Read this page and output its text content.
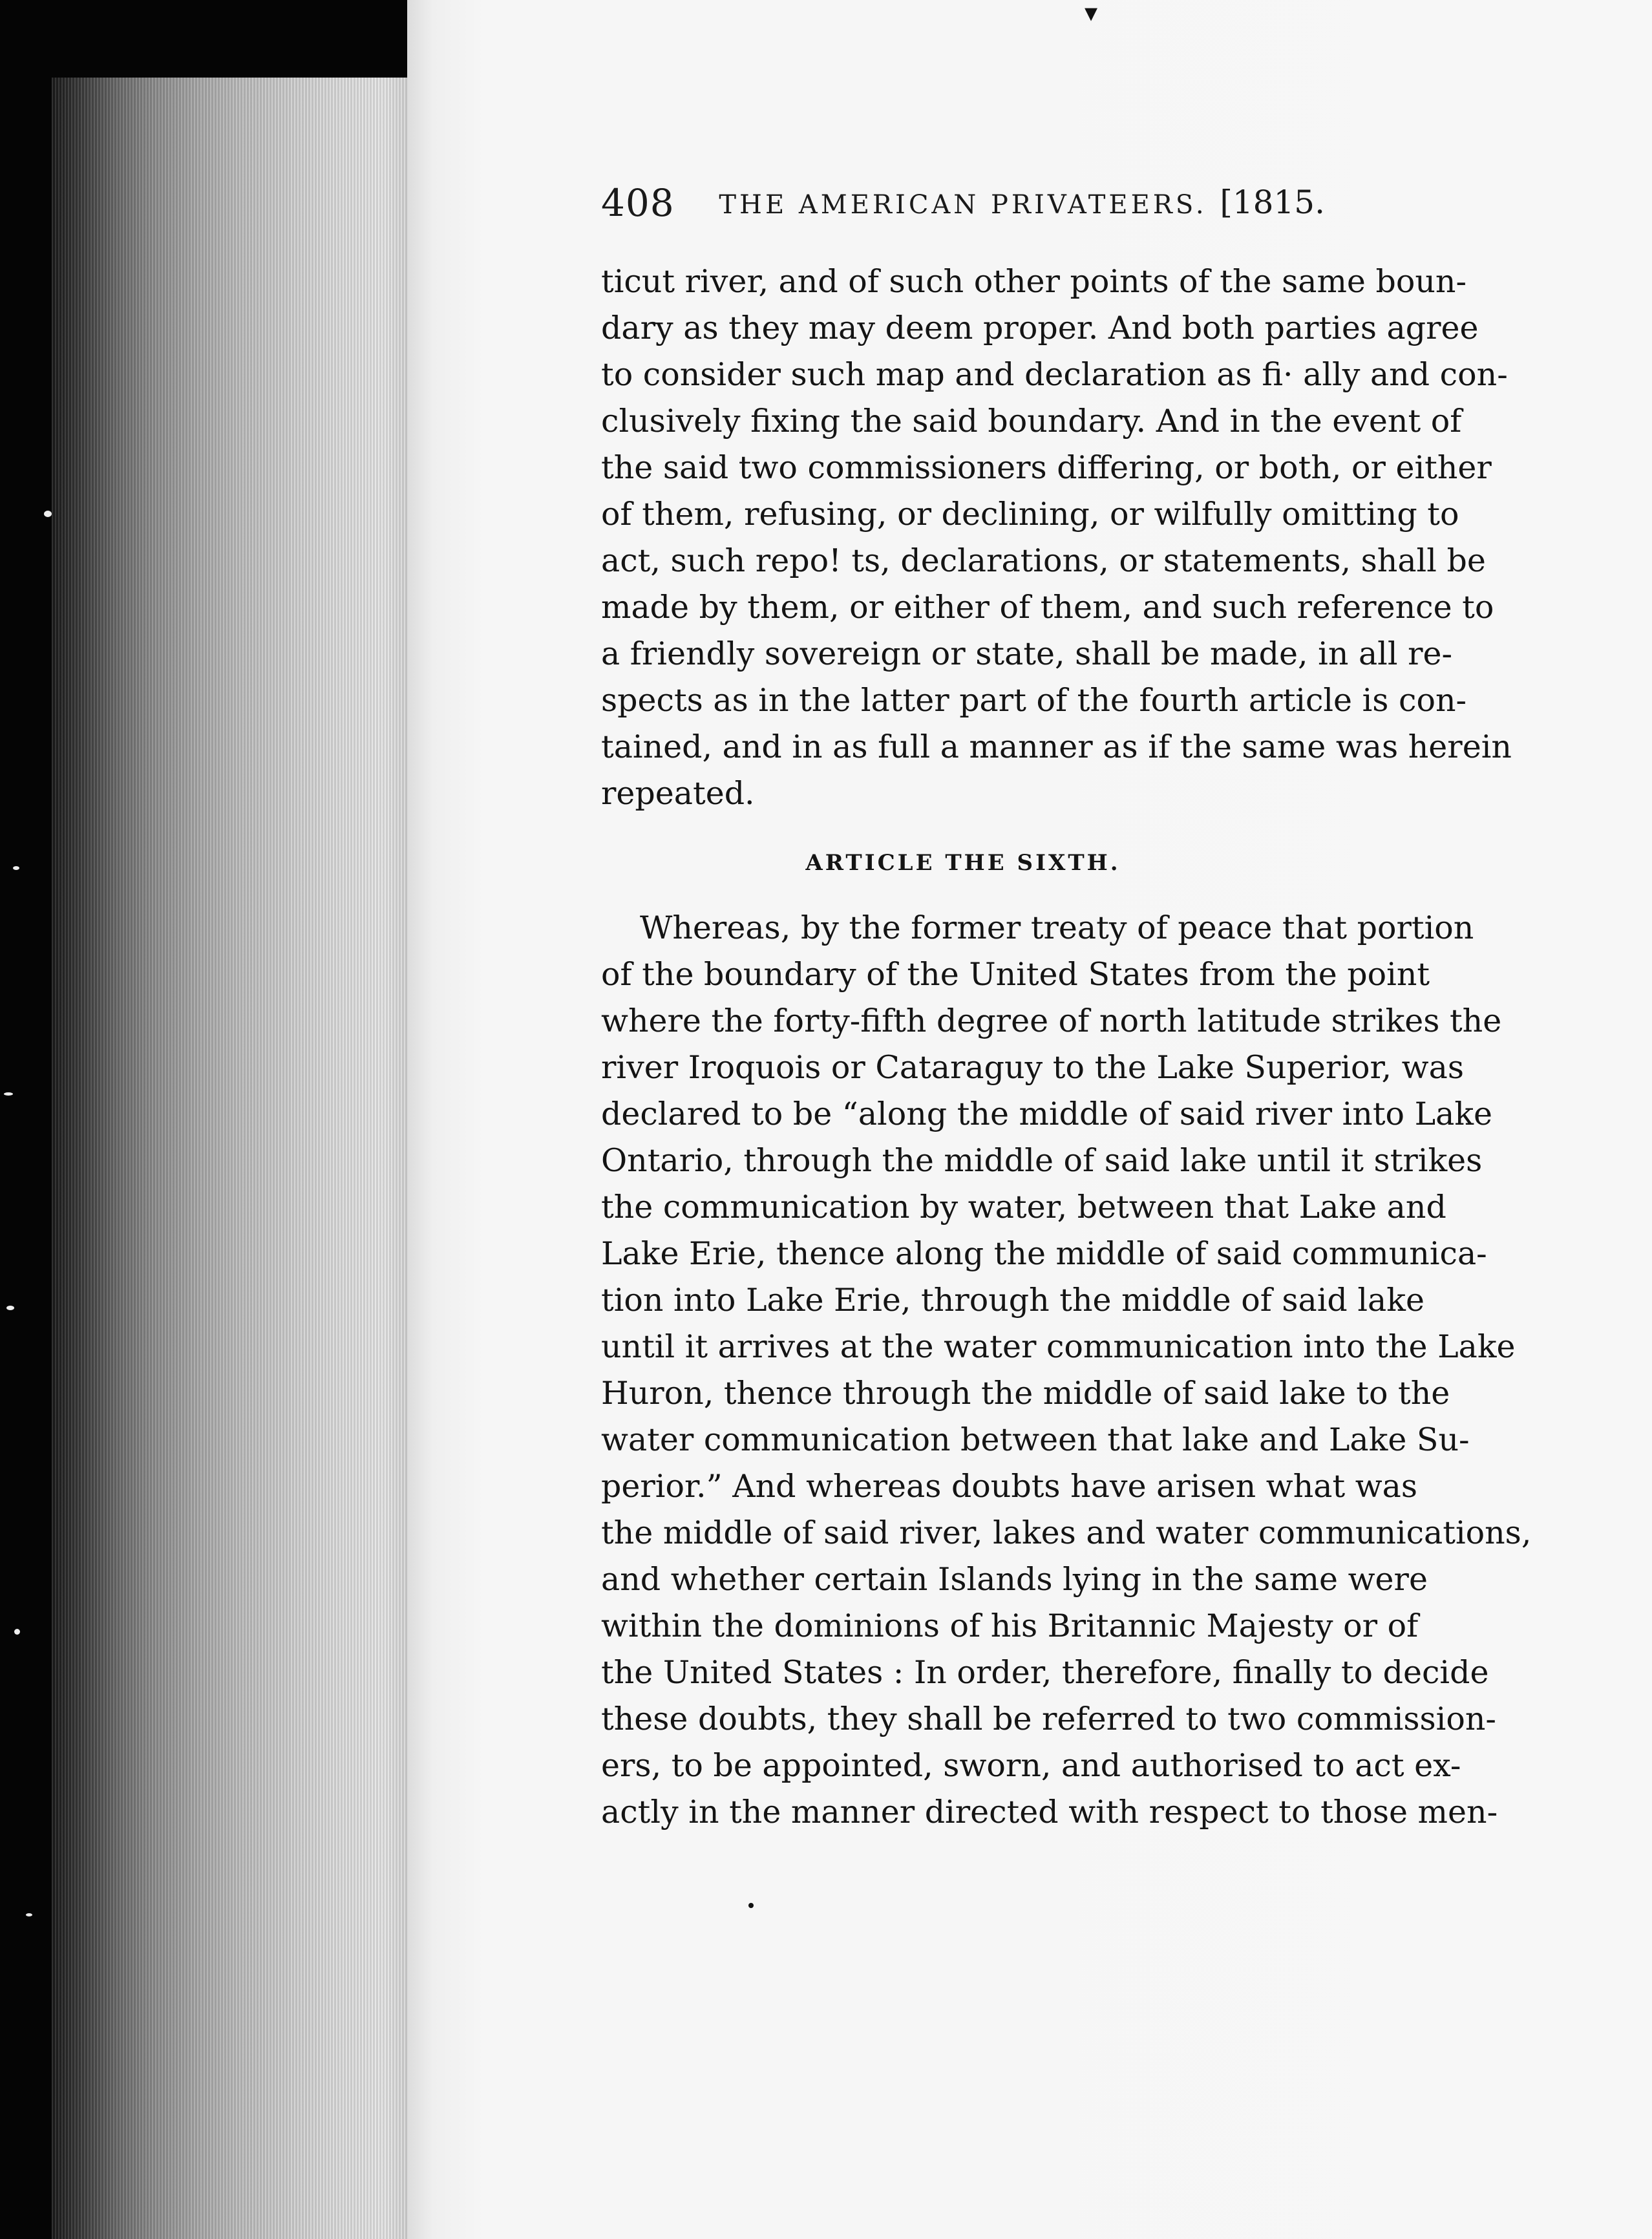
▾
408	THE AMERICAN PRIVATEERS. [1815.

ticut river, and of such other points of the same boun-
dary as they may deem proper. And both parties agree
to consider such map and declaration as fi· ally and con-
clusively fixing the said boundary. And in the event of
the said two commissioners differing, or both, or either
of them, refusing, or declining, or wilfully omitting to
act, such repo! ts, declarations, or statements, shall be
made by them, or either of them, and such reference to
a friendly sovereign or state, shall be made, in all re-
spects as in the latter part of the fourth article is con-
tained, and in as full a manner as if the same was herein
repeated.

ARTICLE THE SIXTH.

Whereas, by the former treaty of peace that portion
of the boundary of the United States from the point
where the forty-fifth degree of north latitude strikes the
river Iroquois or Cataraguy to the Lake Superior, was
declared to be “along the middle of said river into Lake
Ontario, through the middle of said lake until it strikes
the communication by water, between that Lake and
Lake Erie, thence along the middle of said communica-
tion into Lake Erie, through the middle of said lake
until it arrives at the water communication into the Lake
Huron, thence through the middle of said lake to the
water communication between that lake and Lake Su-
perior.” And whereas doubts have arisen what was
the middle of said river, lakes and water communications,
and whether certain Islands lying in the same were
within the dominions of his Britannic Majesty or of
the United States : In order, therefore, finally to decide
these doubts, they shall be referred to two commission-
ers, to be appointed, sworn, and authorised to act ex-
actly in the manner directed with respect to those men-
